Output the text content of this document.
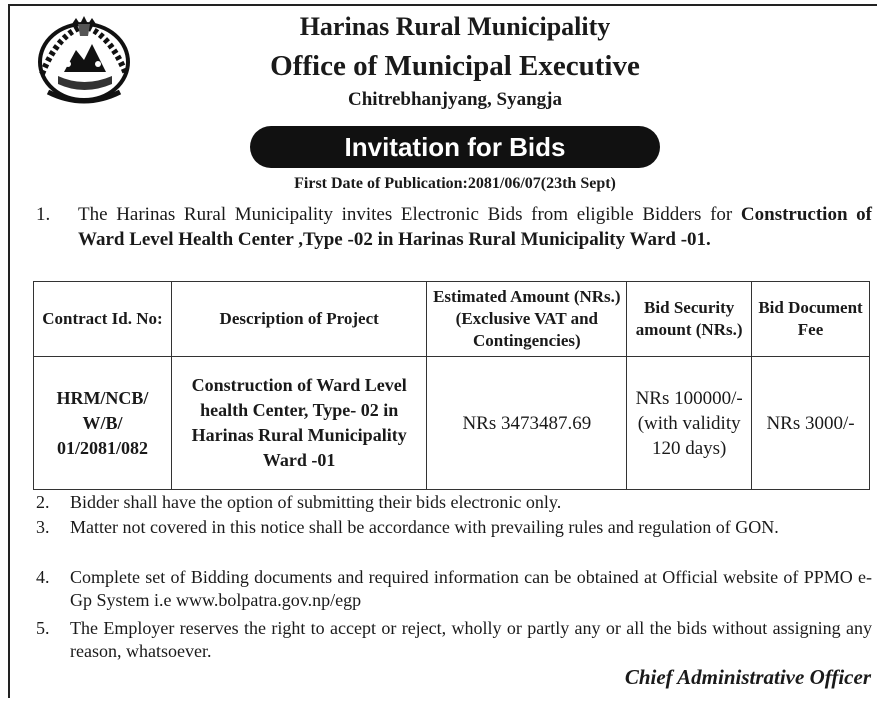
Harinas Rural Municipality
Office of Municipal Executive
Chitrebhanjyang, Syangja
Invitation for Bids
First Date of Publication:2081/06/07(23th Sept)
1. The Harinas Rural Municipality invites Electronic Bids from eligible Bidders for Construction of Ward Level Health Center ,Type -02 in Harinas Rural Municipality Ward -01.
Contract Id. No:	Description of Project	Estimated Amount (NRs.) (Exclusive VAT and Contingencies)	Bid Security amount (NRs.)	Bid Document Fee
HRM/NCB/ W/B/ 01/2081/082	Construction of Ward Level health Center, Type- 02 in Harinas Rural Municipality Ward -01	NRs 3473487.69	NRs 100000/- (with validity 120 days)	NRs 3000/-
2. Bidder shall have the option of submitting their bids electronic only.
3. Matter not covered in this notice shall be accordance with prevailing rules and regulation of GON.
4. Complete set of Bidding documents and required information can be obtained at Official website of PPMO e-Gp System i.e www.bolpatra.gov.np/egp
5. The Employer reserves the right to accept or reject, wholly or partly any or all the bids without assigning any reason, whatsoever.
Chief Administrative Officer
